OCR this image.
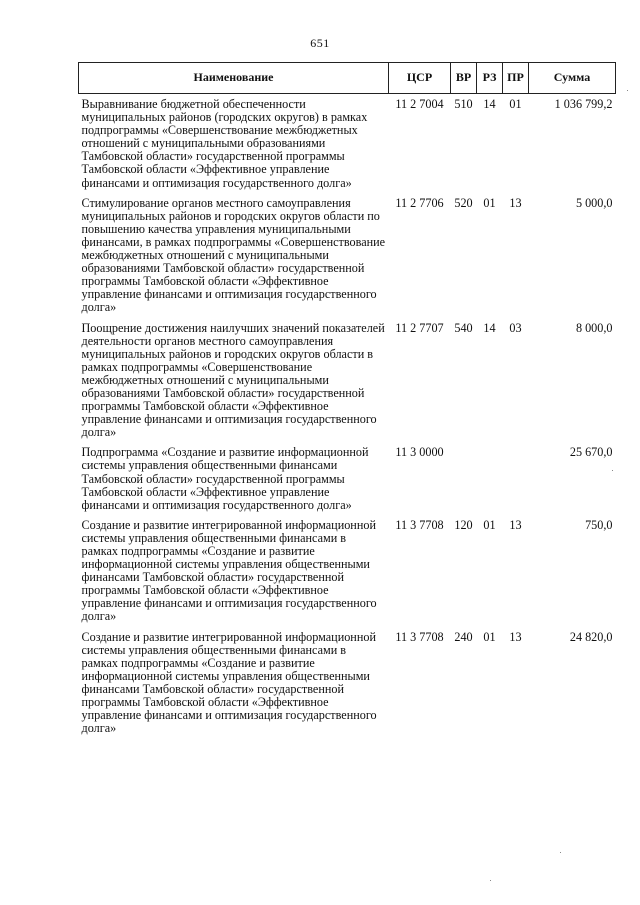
651
Наименование	ЦСР	ВР	РЗ	ПР	Сумма
Выравнивание бюджетной обеспеченности муниципальных районов (городских округов) в рамках подпрограммы «Совершенствование межбюджетных отношений с муниципальными образованиями Тамбовской области» государственной программы Тамбовской области «Эффективное управление финансами и оптимизация государственного долга»	11 2 7004	510	14	01	1 036 799,2
Стимулирование органов местного самоуправления муниципальных районов и городских округов области по повышению качества управления муниципальными финансами, в рамках подпрограммы «Совершенствование межбюджетных отношений с муниципальными образованиями Тамбовской области» государственной программы Тамбовской области «Эффективное управление финансами и оптимизация государственного долга»	11 2 7706	520	01	13	5 000,0
Поощрение достижения наилучших значений показателей деятельности органов местного самоуправления муниципальных районов и городских округов области в рамках подпрограммы «Совершенствование межбюджетных отношений с муниципальными образованиями Тамбовской области» государственной программы Тамбовской области «Эффективное управление финансами и оптимизация государственного долга»	11 2 7707	540	14	03	8 000,0
Подпрограмма «Создание и развитие информационной системы управления общественными финансами Тамбовской области» государственной программы Тамбовской области «Эффективное управление финансами и оптимизация государственного долга»	11 3 0000				25 670,0
Создание и развитие интегрированной информационной системы управления общественными финансами в рамках подпрограммы «Создание и развитие информационной системы управления общественными финансами Тамбовской области» государственной программы Тамбовской области «Эффективное управление финансами и оптимизация государственного долга»	11 3 7708	120	01	13	750,0
Создание и развитие интегрированной информационной системы управления общественными финансами в рамках подпрограммы «Создание и развитие информационной системы управления общественными финансами Тамбовской области» государственной программы Тамбовской области «Эффективное управление финансами и оптимизация государственного долга»	11 3 7708	240	01	13	24 820,0
